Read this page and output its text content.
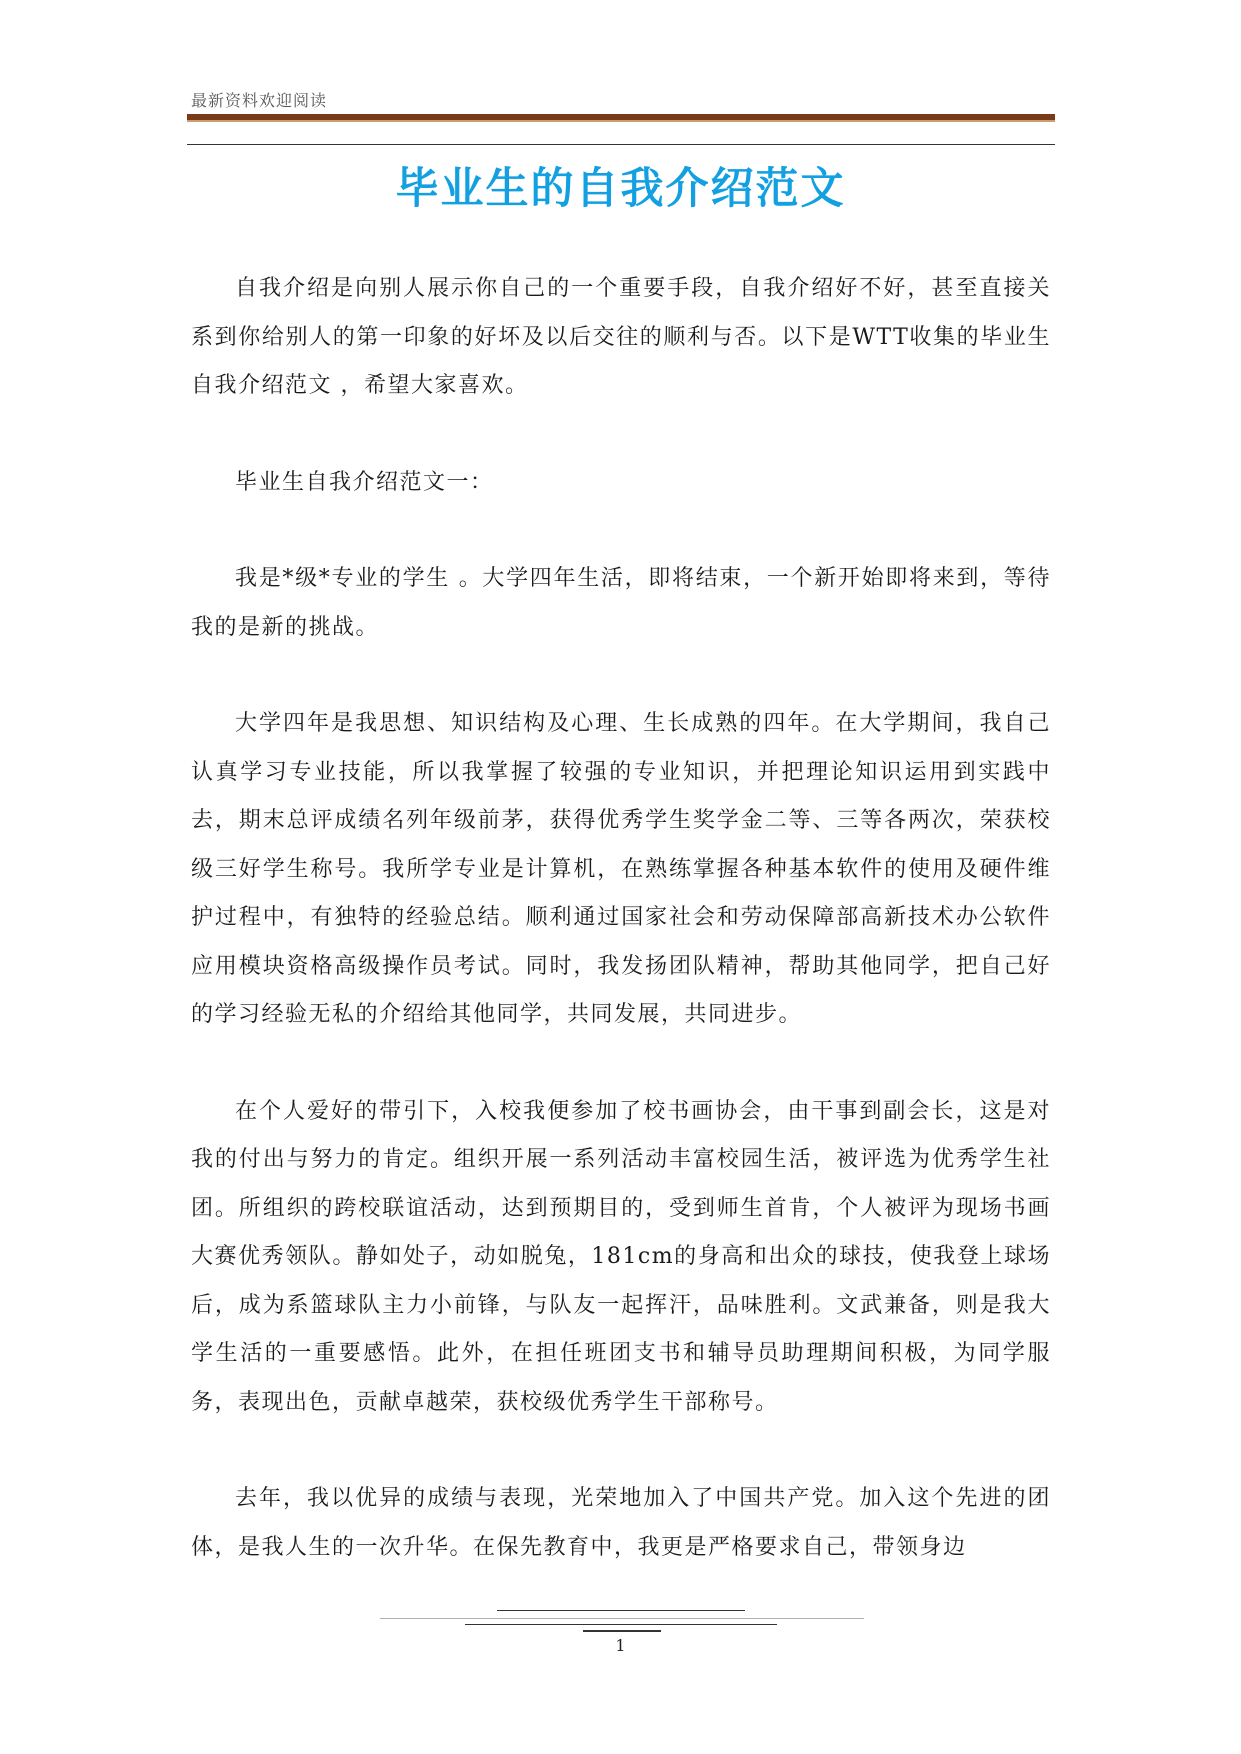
最新资料欢迎阅读
毕业生的自我介绍范文

自我介绍是向别人展示你自己的一个重要手段，自我介绍好不好，甚至直接关系到你给别人的第一印象的好坏及以后交往的顺利与否。以下是WTT收集的毕业生自我介绍范文 ，希望大家喜欢。

毕业生自我介绍范文一：

我是*级*专业的学生 。大学四年生活，即将结束，一个新开始即将来到，等待我的是新的挑战。

大学四年是我思想、知识结构及心理、生长成熟的四年。在大学期间，我自己认真学习专业技能，所以我掌握了较强的专业知识，并把理论知识运用到实践中去，期末总评成绩名列年级前茅，获得优秀学生奖学金二等、三等各两次，荣获校级三好学生称号。我所学专业是计算机，在熟练掌握各种基本软件的使用及硬件维护过程中，有独特的经验总结。顺利通过国家社会和劳动保障部高新技术办公软件应用模块资格高级操作员考试。同时，我发扬团队精神，帮助其他同学，把自己好的学习经验无私的介绍给其他同学，共同发展，共同进步。

在个人爱好的带引下，入校我便参加了校书画协会，由干事到副会长，这是对我的付出与努力的肯定。组织开展一系列活动丰富校园生活，被评选为优秀学生社团。所组织的跨校联谊活动，达到预期目的，受到师生首肯，个人被评为现场书画大赛优秀领队。静如处子，动如脱兔，181cm的身高和出众的球技，使我登上球场后，成为系篮球队主力小前锋，与队友一起挥汗，品味胜利。文武兼备，则是我大学生活的一重要感悟。此外，在担任班团支书和辅导员助理期间积极，为同学服务，表现出色，贡献卓越荣，获校级优秀学生干部称号。

去年，我以优异的成绩与表现，光荣地加入了中国共产党。加入这个先进的团体，是我人生的一次升华。在保先教育中，我更是严格要求自己，带领身边

1
